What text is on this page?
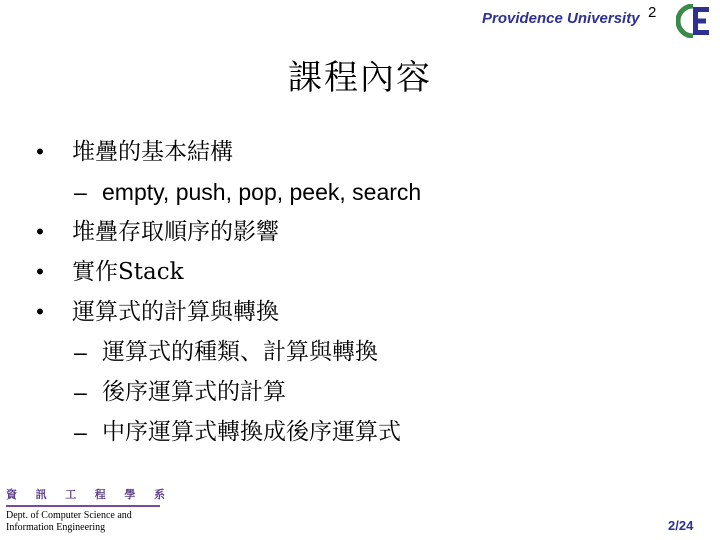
Providence University 2
課程內容
• 堆疊的基本結構
– empty, push, pop, peek, search
• 堆疊存取順序的影響
• 實作Stack
• 運算式的計算與轉換
– 運算式的種類、計算與轉換
– 後序運算式的計算
– 中序運算式轉換成後序運算式
資 訊 工 程 學 系
Dept. of Computer Science and
Information Engineering	2/24
